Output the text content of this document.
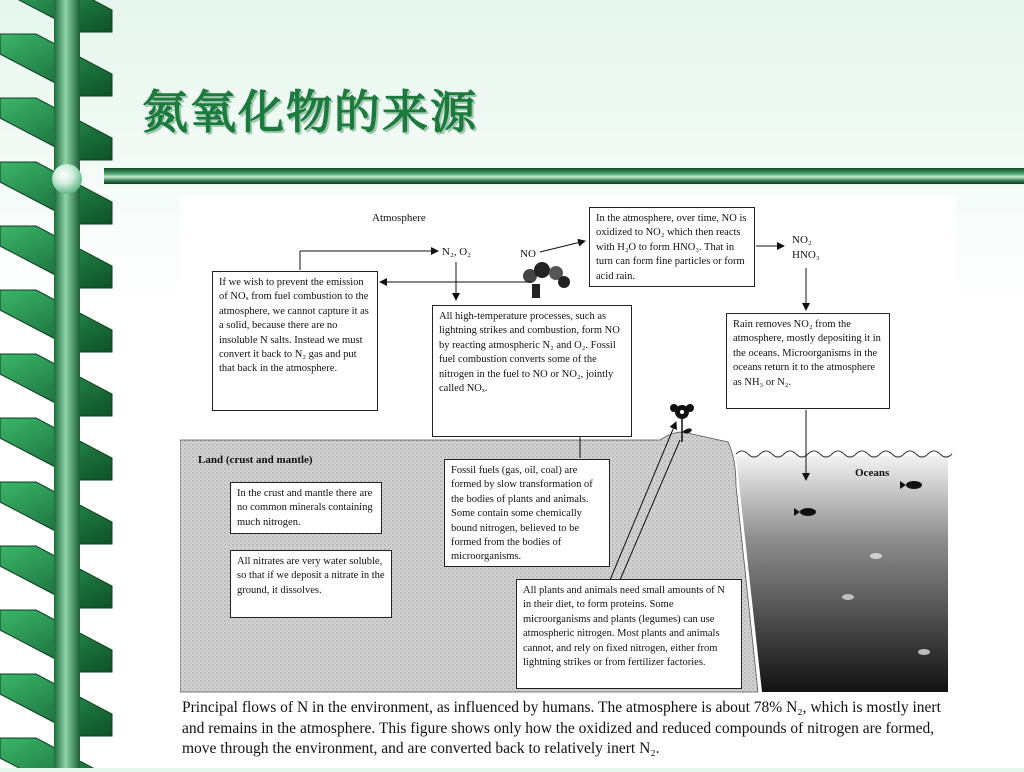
氮氧化物的来源
Atmosphere
N₂, O₂	NO
NO₂
HNO₃
Land (crust and mantle)
Oceans
In the atmosphere, over time, NO is oxidized to NO₂ which then reacts with H₂O to form HNO₃. That in turn can form fine particles or form acid rain.
If we wish to prevent the emission of NOₓ from fuel combustion to the atmosphere, we cannot capture it as a solid, because there are no insoluble N salts. Instead we must convert it back to N₂ gas and put that back in the atmosphere.
All high-temperature processes, such as lightning strikes and combustion, form NO by reacting atmospheric N₂ and O₂. Fossil fuel combustion converts some of the nitrogen in the fuel to NO or NO₂, jointly called NOₓ.
Rain removes NO₂ from the atmosphere, mostly depositing it in the oceans. Microorganisms in the oceans return it to the atmosphere as NH₃ or N₂.
In the crust and mantle there are no common minerals containing much nitrogen.
All nitrates are very water soluble, so that if we deposit a nitrate in the ground, it dissolves.
Fossil fuels (gas, oil, coal) are formed by slow transformation of the bodies of plants and animals. Some contain some chemically bound nitrogen, believed to be formed from the bodies of microorganisms.
All plants and animals need small amounts of N in their diet, to form proteins. Some microorganisms and plants (legumes) can use atmospheric nitrogen. Most plants and animals cannot, and rely on fixed nitrogen, either from lightning strikes or from fertilizer factories.
Principal flows of N in the environment, as influenced by humans. The atmosphere is about 78% N₂, which is mostly inert and remains in the atmosphere. This figure shows only how the oxidized and reduced compounds of nitrogen are formed, move through the environment, and are converted back to relatively inert N₂.
